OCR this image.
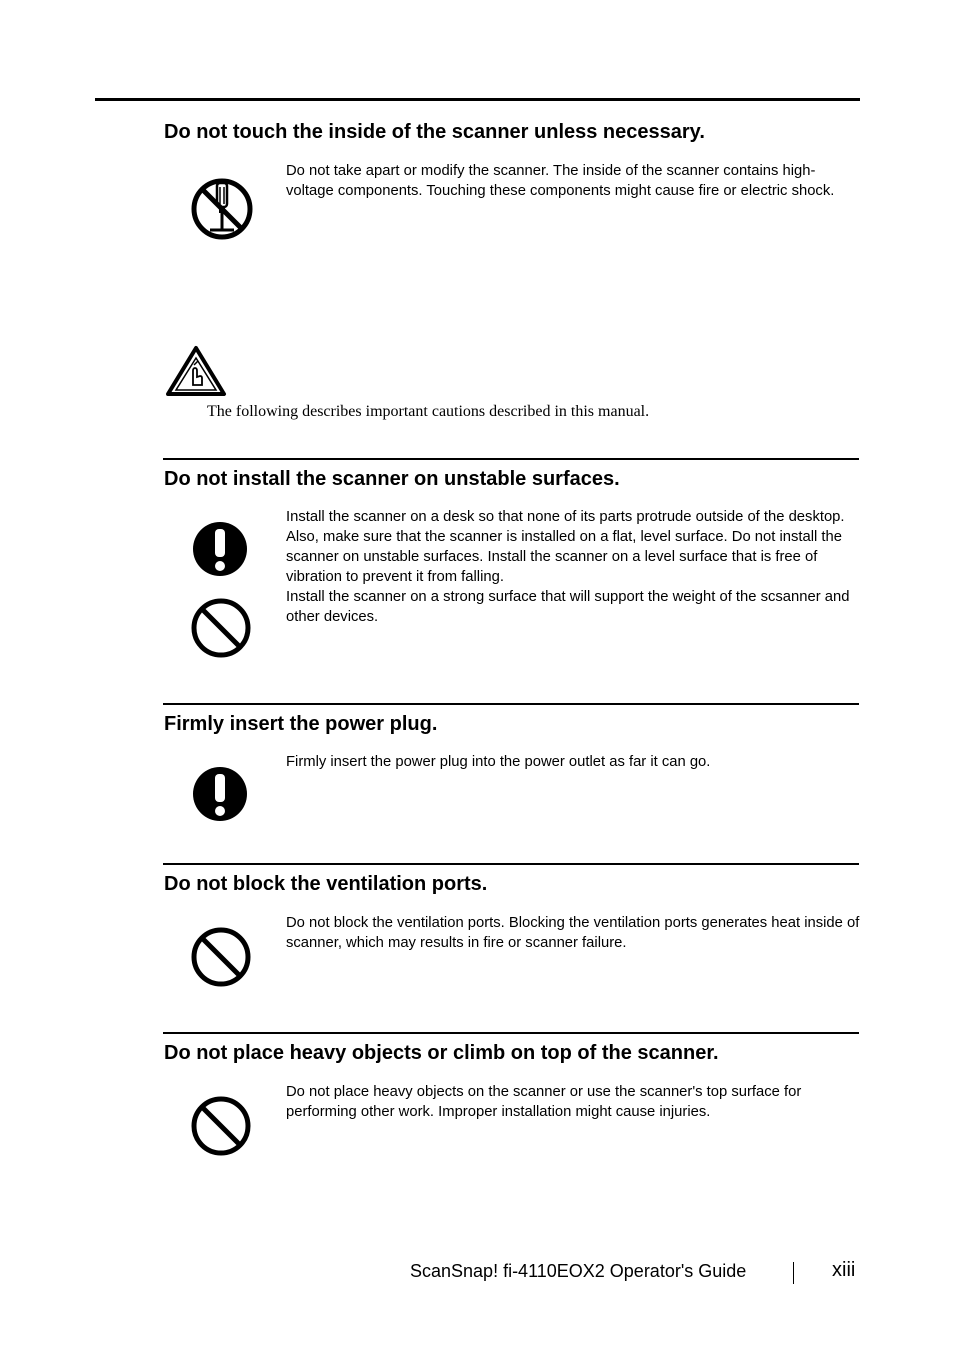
Do not touch the inside of the scanner unless necessary.

Do not take apart or modify the scanner. The inside of the scanner contains high-voltage components. Touching these components might cause fire or electric shock.

The following describes important cautions described in this manual.

Do not install the scanner on unstable surfaces.

Install the scanner on a desk so that none of its parts protrude outside of the desktop. Also, make sure that the scanner is installed on a flat, level surface. Do not install the scanner on unstable surfaces. Install the scanner on a level surface that is free of vibration to prevent it from falling.
Install the scanner on a strong surface that will support the weight of the scsanner and other devices.

Firmly insert the power plug.

Firmly insert the power plug into the power outlet as far it can go.

Do not block the ventilation ports.

Do not block the ventilation ports. Blocking the ventilation ports generates heat inside of scanner, which may results in fire or scanner failure.

Do not place heavy objects or climb on top of the scanner.

Do not place heavy objects on the scanner or use the scanner's top surface for performing other work. Improper installation might cause injuries.

ScanSnap! fi-4110EOX2 Operator's Guide	xiii
